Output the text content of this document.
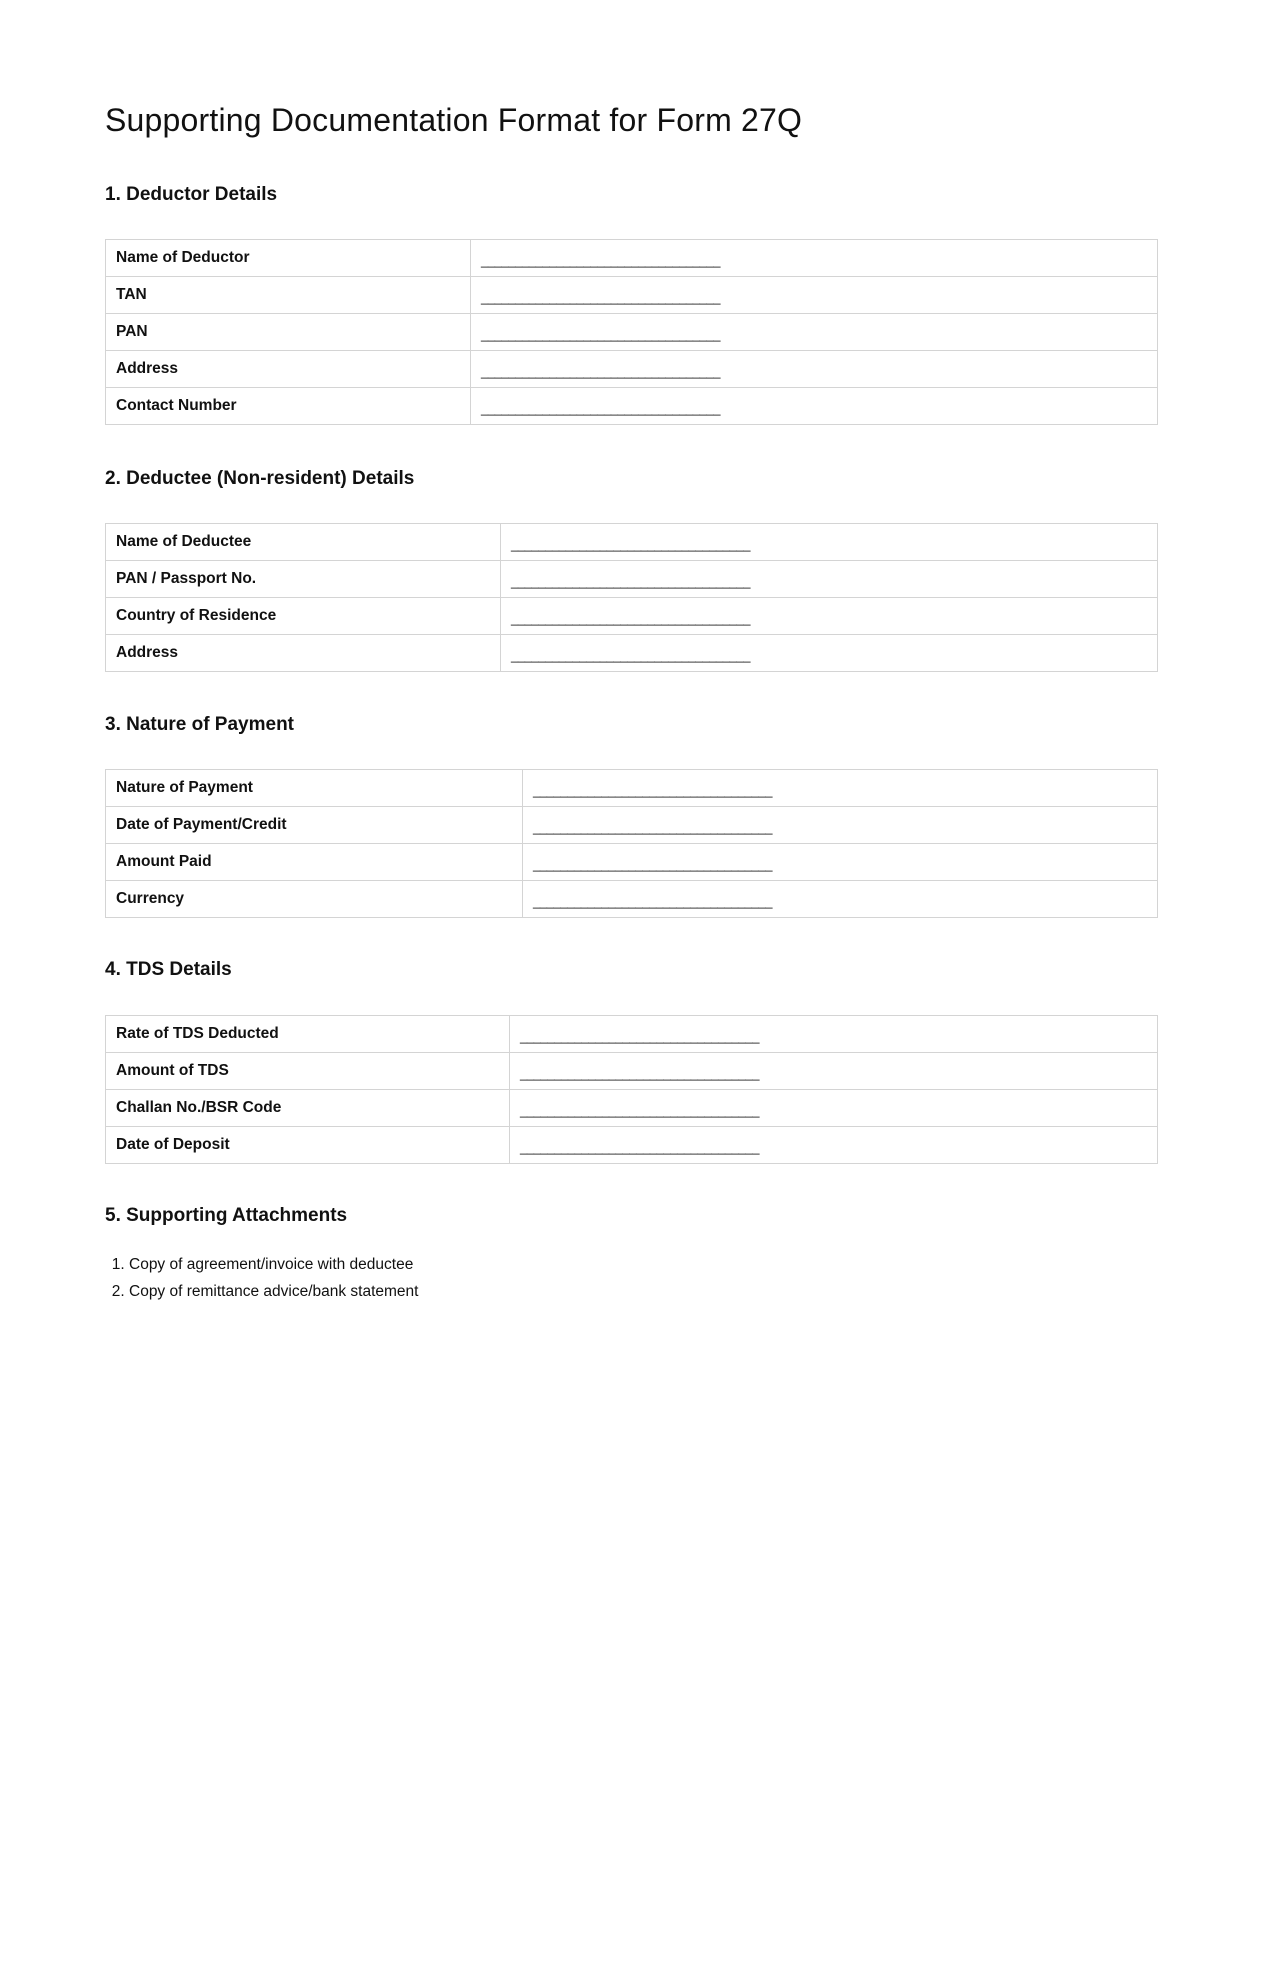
Supporting Documentation Format for Form 27Q
1. Deductor Details
Name of Deductor	___________________________________
TAN	___________________________________
PAN	___________________________________
Address	___________________________________
Contact Number	___________________________________
2. Deductee (Non-resident) Details
Name of Deductee	___________________________________
PAN / Passport No.	___________________________________
Country of Residence	___________________________________
Address	___________________________________
3. Nature of Payment
Nature of Payment	___________________________________
Date of Payment/Credit	___________________________________
Amount Paid	___________________________________
Currency	___________________________________
4. TDS Details
Rate of TDS Deducted	___________________________________
Amount of TDS	___________________________________
Challan No./BSR Code	___________________________________
Date of Deposit	___________________________________
5. Supporting Attachments
1. Copy of agreement/invoice with deductee
2. Copy of remittance advice/bank statement
